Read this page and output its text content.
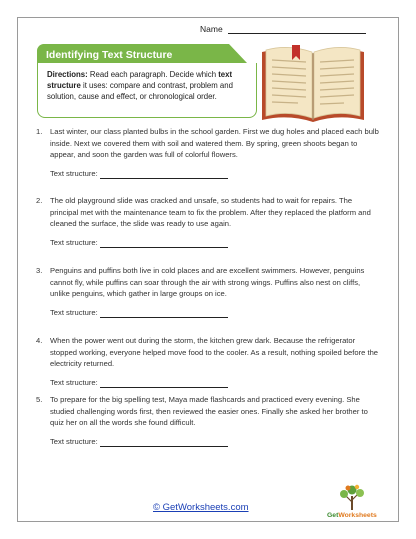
Name
Identifying Text Structure
Directions: Read each paragraph. Decide which text structure it uses: compare and contrast, problem and solution, cause and effect, or chronological order.
1. Last winter, our class planted bulbs in the school garden. First we dug holes and placed each bulb inside. Next we covered them with soil and watered them. By spring, green shoots began to appear, and soon the garden was full of colorful flowers.
Text structure:
2. The old playground slide was cracked and unsafe, so students had to wait for repairs. The principal met with the maintenance team to fix the problem. After they replaced the platform and cleaned the surface, the slide was ready to use again.
Text structure:
3. Penguins and puffins both live in cold places and are excellent swimmers. However, penguins cannot fly, while puffins can soar through the air with strong wings. Puffins also nest on cliffs, unlike penguins, which gather in large groups on ice.
Text structure:
4. When the power went out during the storm, the kitchen grew dark. Because the refrigerator stopped working, everyone helped move food to the cooler. As a result, nothing spoiled before the electricity returned.
Text structure:
5. To prepare for the big spelling test, Maya made flashcards and practiced every evening. She studied challenging words first, then reviewed the easier ones. Finally she asked her brother to quiz her on all the words she found difficult.
Text structure:
© GetWorksheets.com
GetWorksheets
